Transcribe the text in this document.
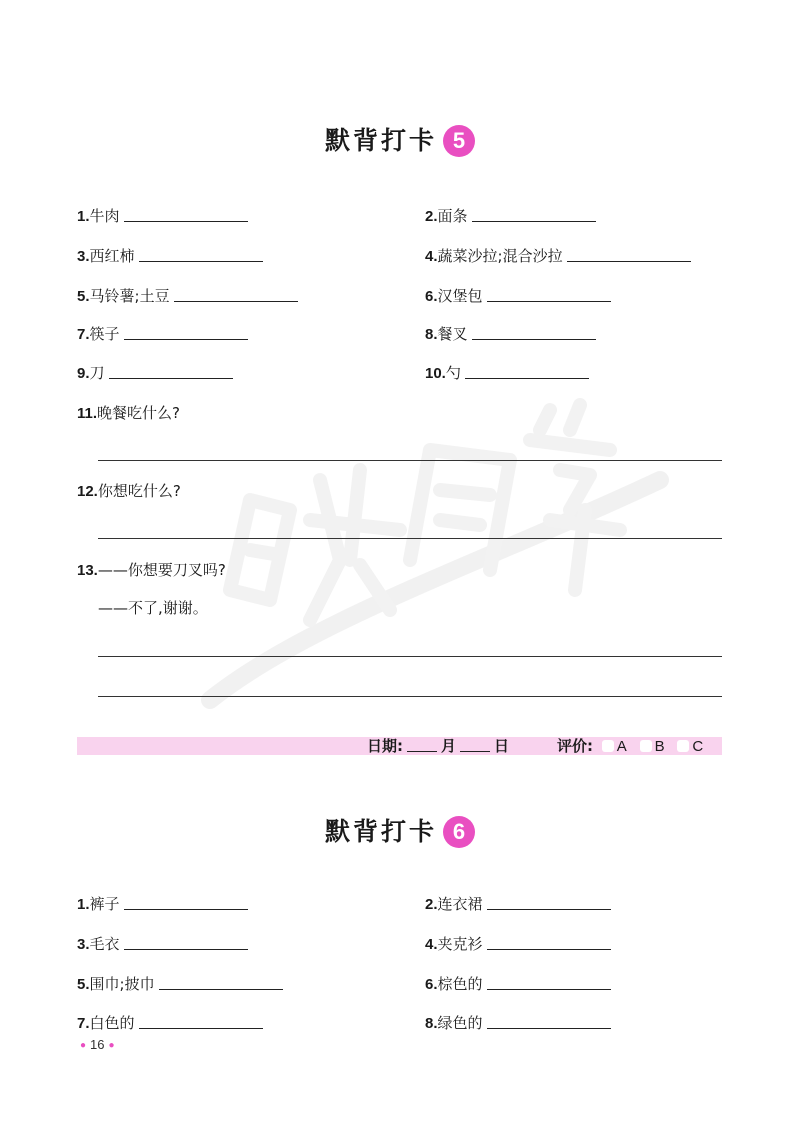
默背打卡 5
1.牛肉	2.面条
3.西红柿	4.蔬菜沙拉;混合沙拉
5.马铃薯;土豆	6.汉堡包
7.筷子	8.餐叉
9.刀	10.勺
11.晚餐吃什么?
12.你想吃什么?
13.——你想要刀叉吗?
——不了,谢谢。
日期:	月	日	评价: A B C
默背打卡 6
1.裤子	2.连衣裙
3.毛衣	4.夹克衫
5.围巾;披巾	6.棕色的
7.白色的	8.绿色的
● 16 ●
